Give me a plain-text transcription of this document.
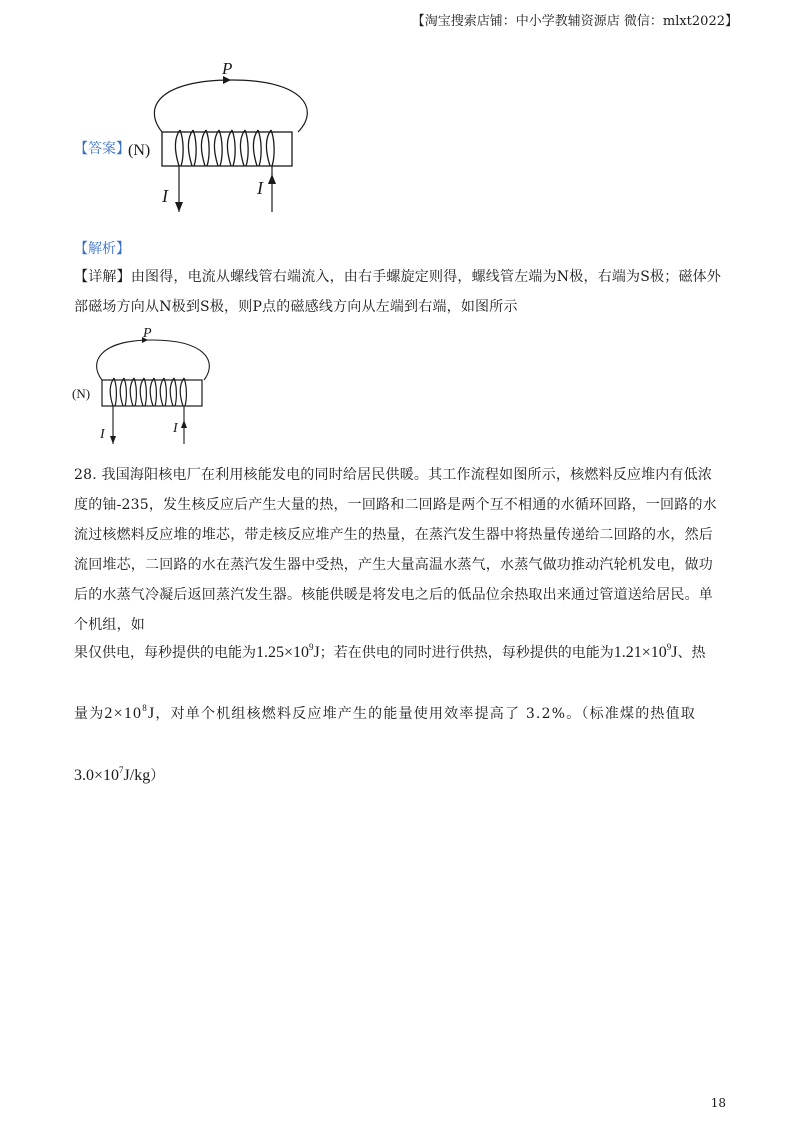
【淘宝搜索店铺：中小学教辅资源店 微信：mlxt2022】
【答案】
P
(N)
I	I
【解析】
【详解】由图得，电流从螺线管右端流入，由右手螺旋定则得，螺线管左端为N极，右端为S极；磁体外部磁场方向从N极到S极，则P点的磁感线方向从左端到右端，如图所示
P
(N)
I	I
28. 我国海阳核电厂在利用核能发电的同时给居民供暖。其工作流程如图所示，核燃料反应堆内有低浓度的铀-235，发生核反应后产生大量的热，一回路和二回路是两个互不相通的水循环回路，一回路的水流过核燃料反应堆的堆芯，带走核反应堆产生的热量，在蒸汽发生器中将热量传递给二回路的水，然后流回堆芯，二回路的水在蒸汽发生器中受热，产生大量高温水蒸气，水蒸气做功推动汽轮机发电，做功后的水蒸气冷凝后返回蒸汽发生器。核能供暖是将发电之后的低品位余热取出来通过管道送给居民。单个机组，如
果仅供电，每秒提供的电能为$1.25\times 10^9J$；若在供电的同时进行供热，每秒提供的电能为$1.21\times 10^9J$、热
量为$2\times 10^8J$，对单个机组核燃料反应堆产生的能量使用效率提高了 3.2%。（标准煤的热值取
$3.0\times 10^7J/kg$）
18
